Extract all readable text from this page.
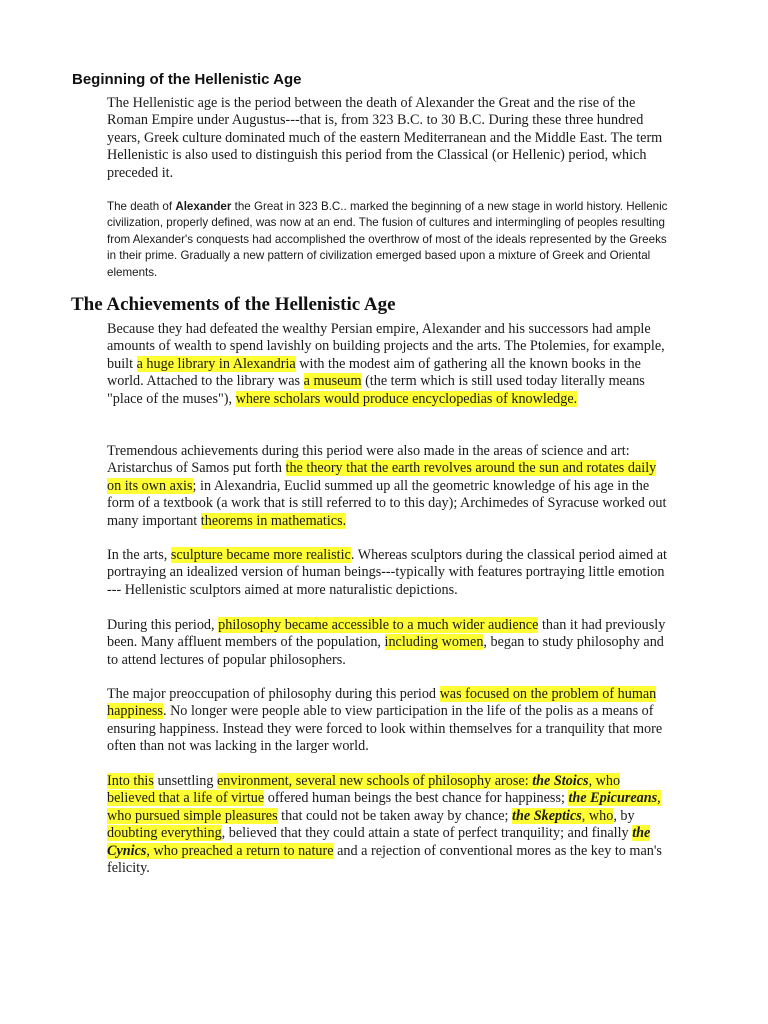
Beginning of the Hellenistic Age

The Hellenistic age is the period between the death of Alexander the Great and the rise of the Roman Empire under Augustus---that is, from 323 B.C. to 30 B.C. During these three hundred years, Greek culture dominated much of the eastern Mediterranean and the Middle East. The term Hellenistic is also used to distinguish this period from the Classical (or Hellenic) period, which preceded it.

The death of Alexander the Great in 323 B.C.. marked the beginning of a new stage in world history. Hellenic civilization, properly defined, was now at an end. The fusion of cultures and intermingling of peoples resulting from Alexander's conquests had accomplished the overthrow of most of the ideals represented by the Greeks in their prime. Gradually a new pattern of civilization emerged based upon a mixture of Greek and Oriental elements.

The Achievements of the Hellenistic Age

Because they had defeated the wealthy Persian empire, Alexander and his successors had ample amounts of wealth to spend lavishly on building projects and the arts. The Ptolemies, for example, built a huge library in Alexandria with the modest aim of gathering all the known books in the world. Attached to the library was a museum (the term which is still used today literally means "place of the muses"), where scholars would produce encyclopedias of knowledge.

Tremendous achievements during this period were also made in the areas of science and art: Aristarchus of Samos put forth the theory that the earth revolves around the sun and rotates daily on its own axis; in Alexandria, Euclid summed up all the geometric knowledge of his age in the form of a textbook (a work that is still referred to to this day); Archimedes of Syracuse worked out many important theorems in mathematics.

In the arts, sculpture became more realistic. Whereas sculptors during the classical period aimed at portraying an idealized version of human beings---typically with features portraying little emotion --- Hellenistic sculptors aimed at more naturalistic depictions.

During this period, philosophy became accessible to a much wider audience than it had previously been. Many affluent members of the population, including women, began to study philosophy and to attend lectures of popular philosophers.

The major preoccupation of philosophy during this period was focused on the problem of human happiness. No longer were people able to view participation in the life of the polis as a means of ensuring happiness. Instead they were forced to look within themselves for a tranquility that more often than not was lacking in the larger world.

Into this unsettling environment, several new schools of philosophy arose: the Stoics, who believed that a life of virtue offered human beings the best chance for happiness; the Epicureans, who pursued simple pleasures that could not be taken away by chance; the Skeptics, who, by doubting everything, believed that they could attain a state of perfect tranquility; and finally the Cynics, who preached a return to nature and a rejection of conventional mores as the key to man's felicity.
